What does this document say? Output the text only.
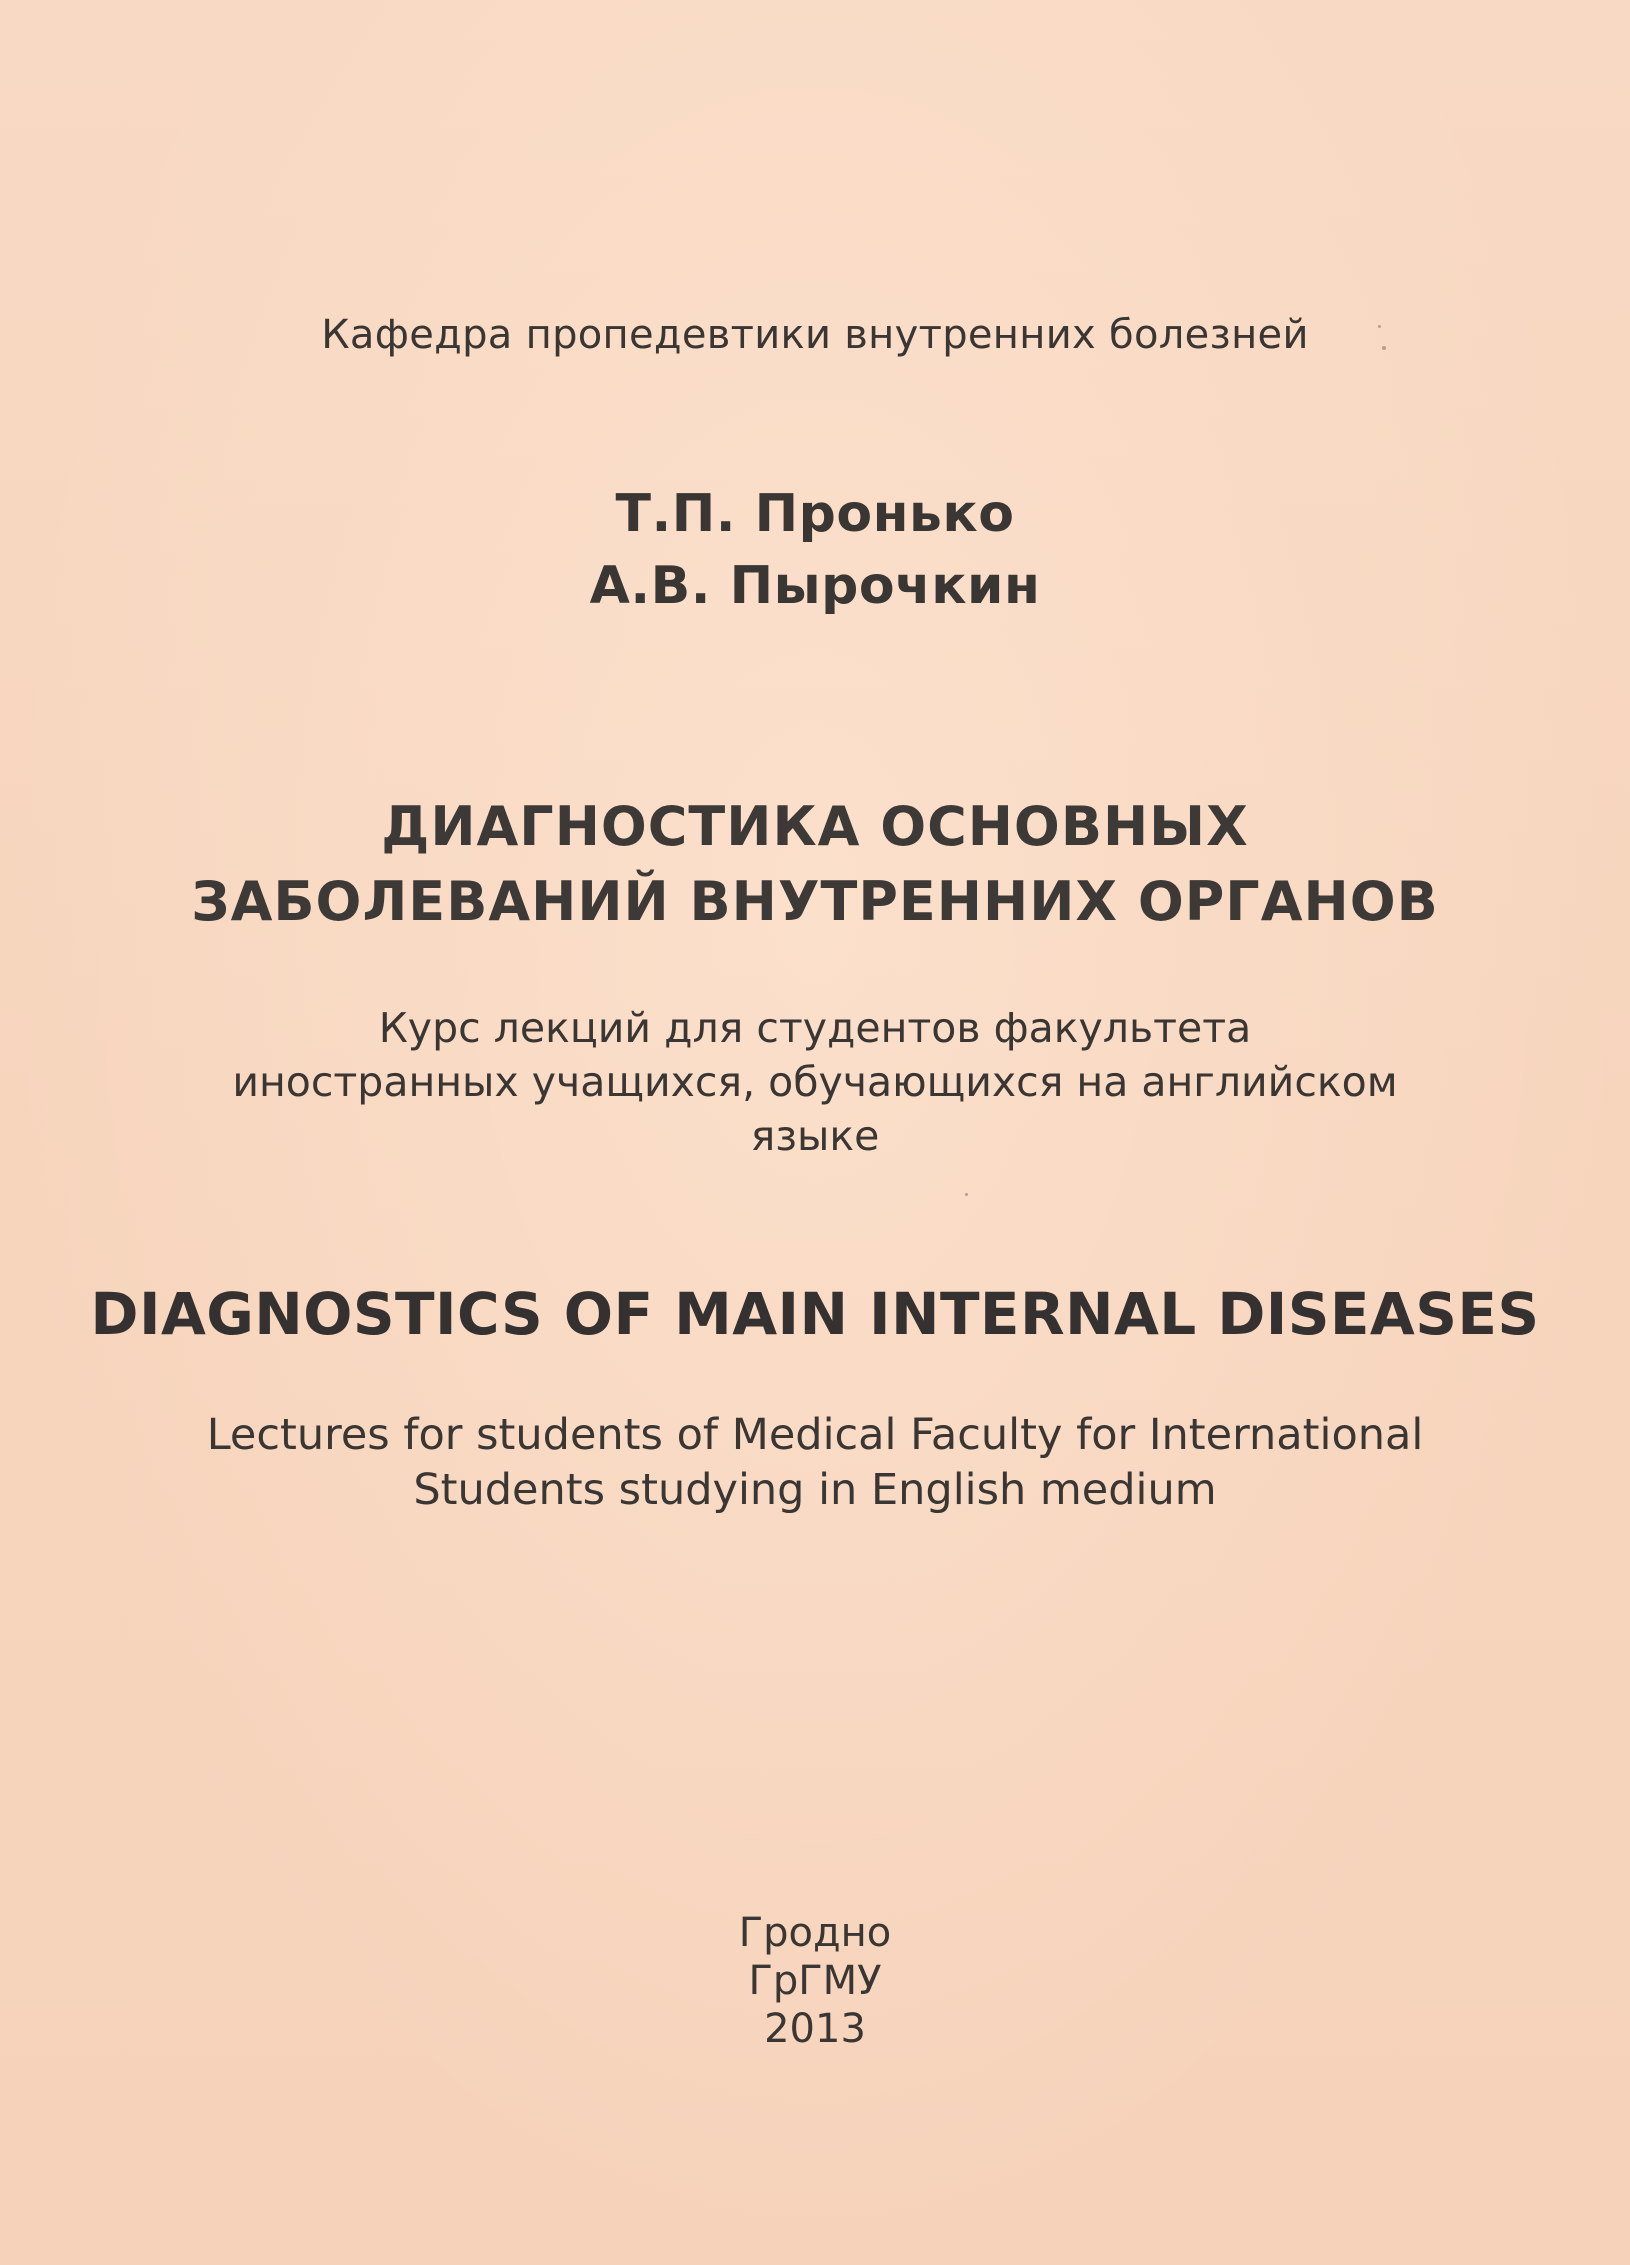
Кафедра пропедевтики внутренних болезней
Т.П. Пронько
А.В. Пырочкин
ДИАГНОСТИКА ОСНОВНЫХ
ЗАБОЛЕВАНИЙ ВНУТРЕННИХ ОРГАНОВ
Курс лекций для студентов факультета
иностранных учащихся, обучающихся на английском
языке
DIAGNOSTICS OF MAIN INTERNAL DISEASES
Lectures for students of Medical Faculty for International
Students studying in English medium
Гродно
ГрГМУ
2013
